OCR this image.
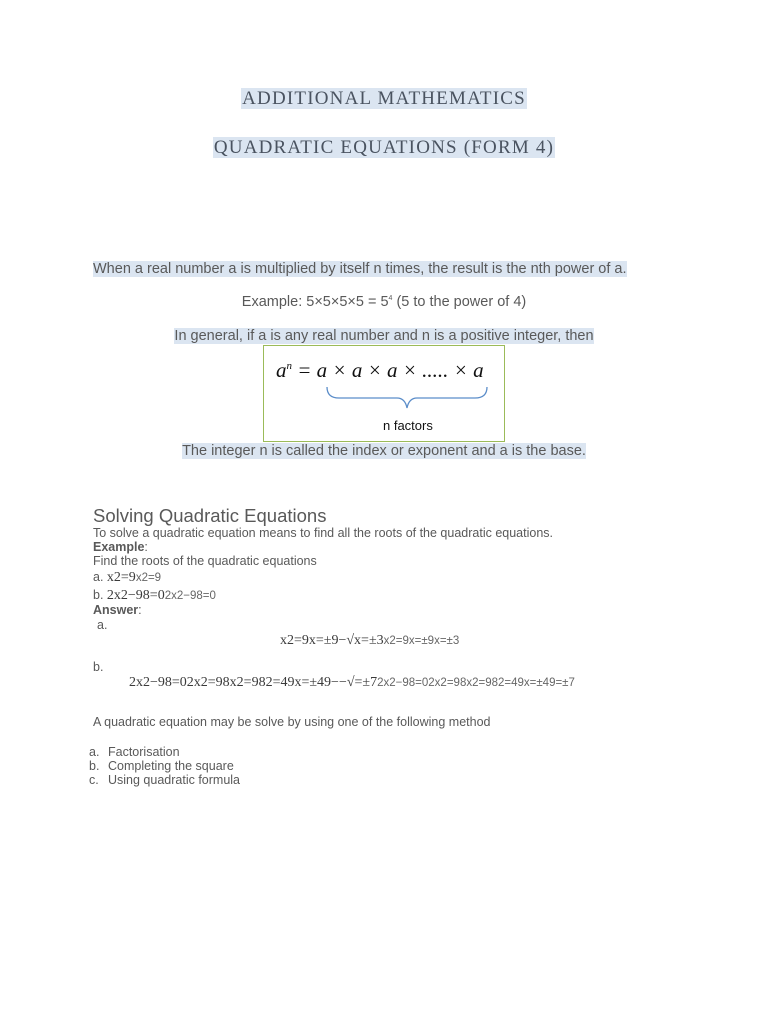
ADDITIONAL MATHEMATICS
QUADRATIC EQUATIONS (FORM 4)
When a real number a is multiplied by itself n times, the result is the nth power of a.
Example: $5\times 5\times 5\times 5 = 5^4$ (5 to the power of 4)
In general, if a is any real number and n is a positive integer, then
$a^n = a \times a \times a$ × ..... × a
n factors
The integer n is called the index or exponent and a is the base.
Solving Quadratic Equations
To solve a quadratic equation means to find all the roots of the quadratic equations.
Example:
Find the roots of the quadratic equations
a. x2=9x2=9
b. 2x2−98=02x2−98=0
Answer:
a.
x2=9x=±9−√x=±3x2=9x=±9x=±3
b.
2x2−98=02x2=98x2=982=49x=±49−−√=±72x2−98=02x2=98x2=982=49x=±49=±7
A quadratic equation may be solve by using one of the following method
a. Factorisation
b. Completing the square
c. Using quadratic formula
